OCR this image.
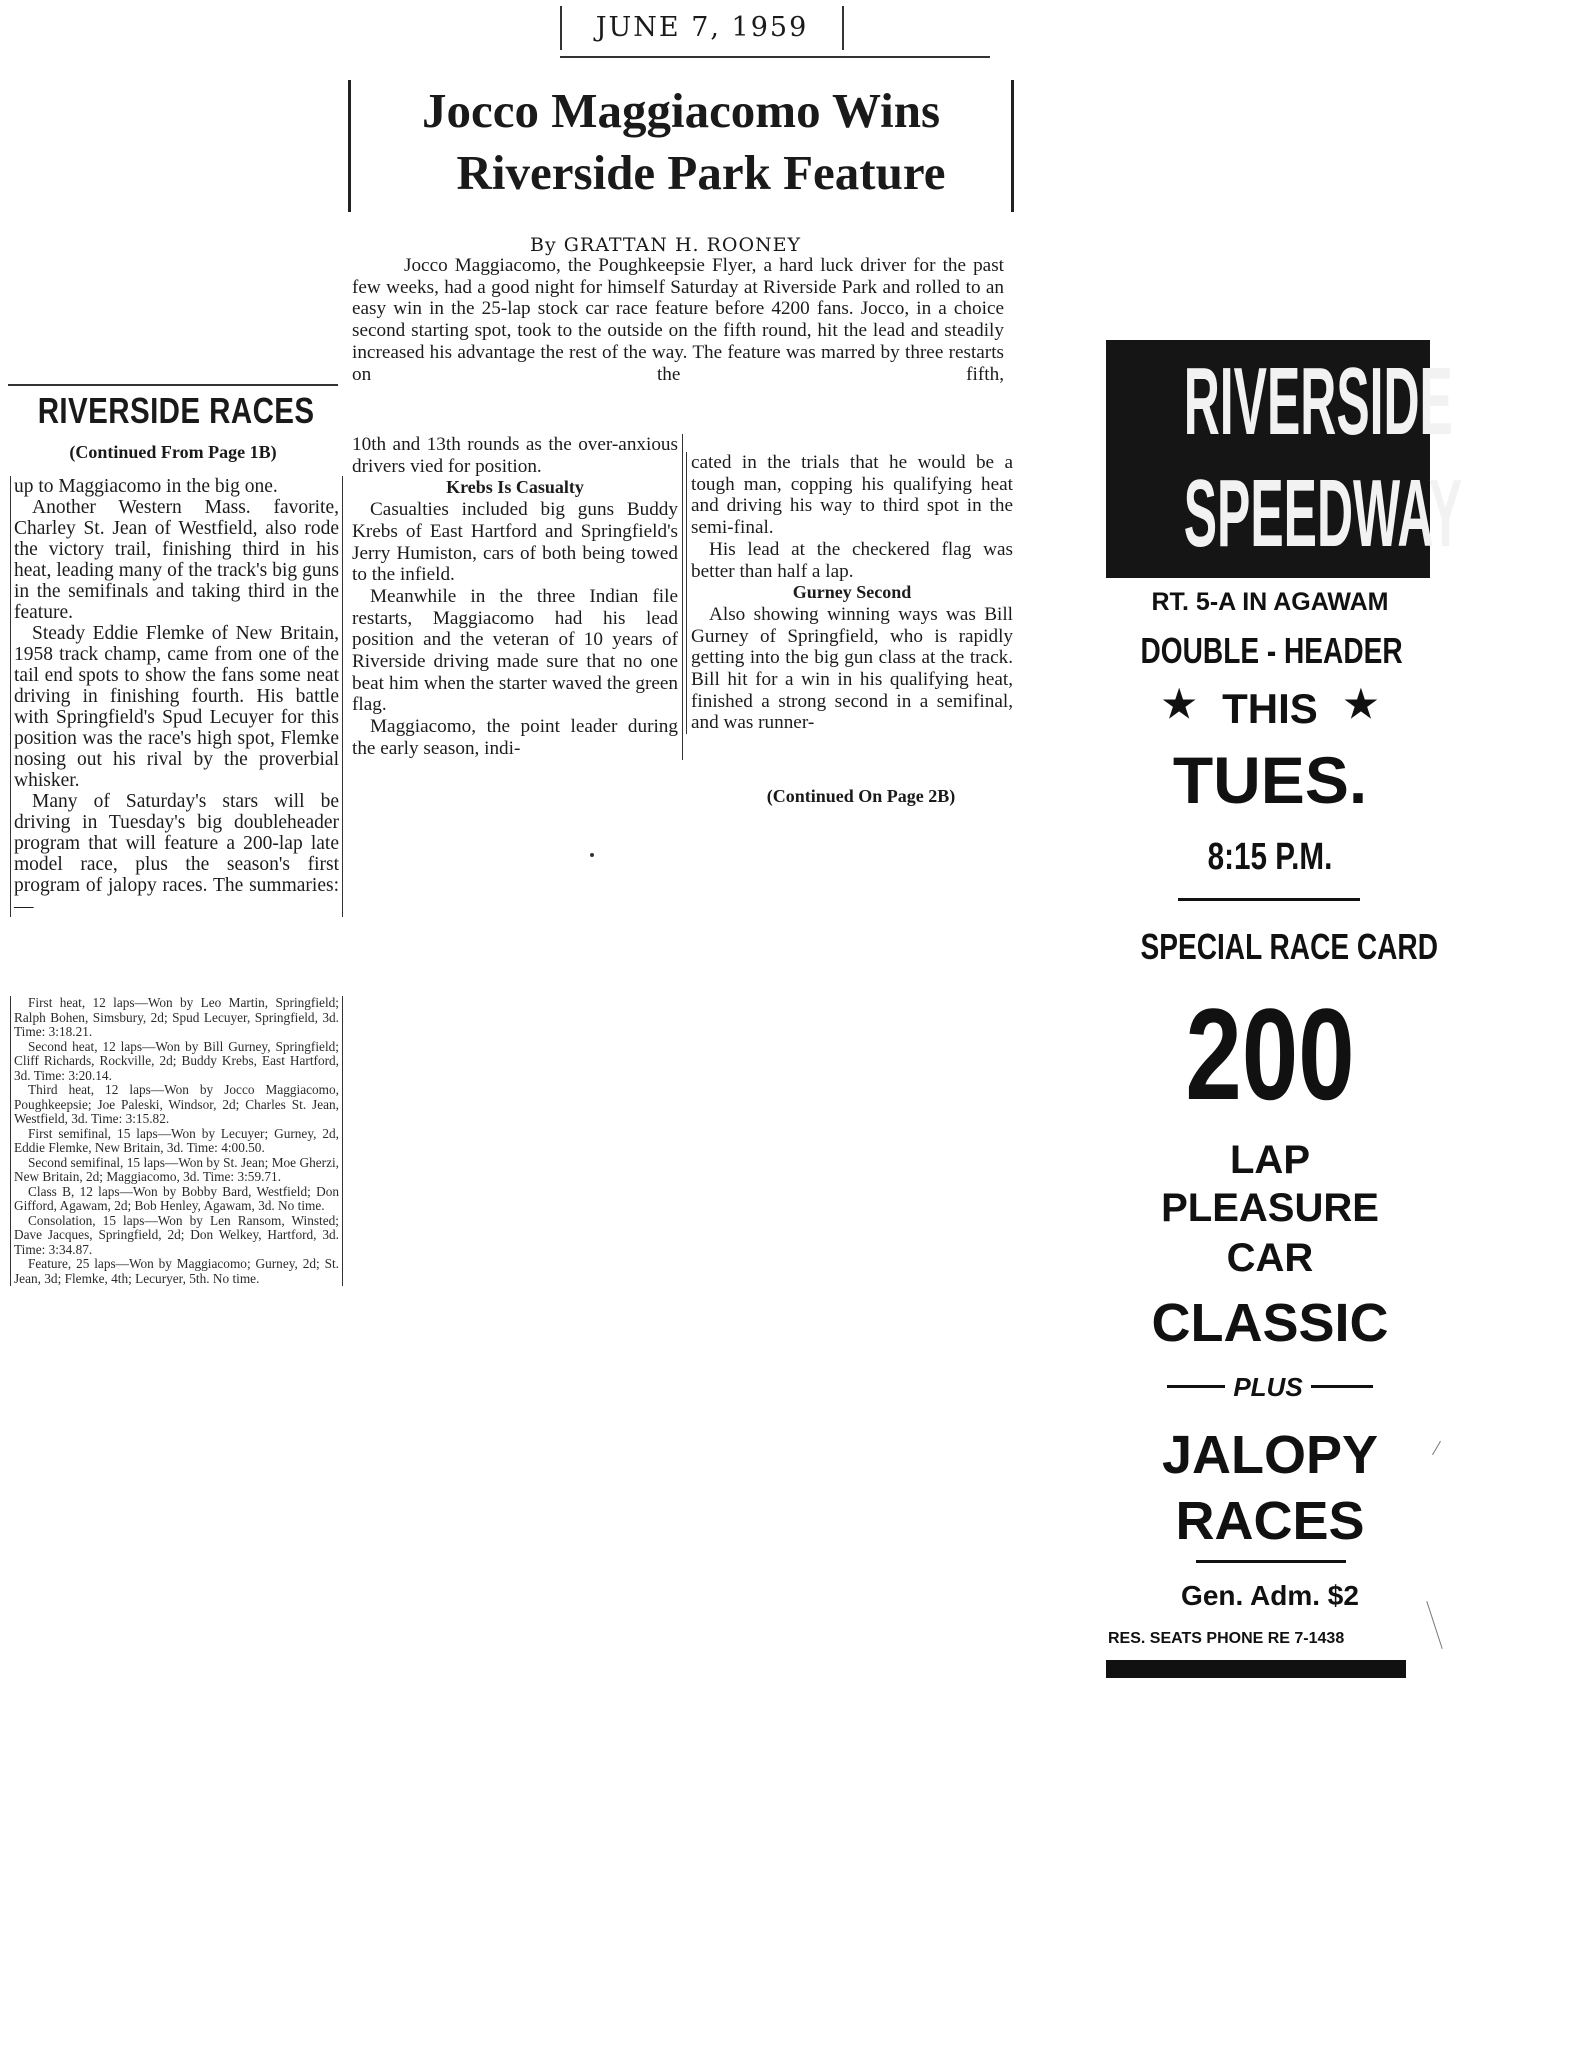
JUNE 7, 1959
Jocco Maggiacomo Wins
Riverside Park Feature
By GRATTAN H. ROONEY

Jocco Maggiacomo, the Poughkeepsie Flyer, a hard luck driver for the past few weeks, had a good night for himself Saturday at Riverside Park and rolled to an easy win in the 25-lap stock car race feature before 4200 fans. Jocco, in a choice second starting spot, took to the outside on the fifth round, hit the lead and steadily increased his advantage the rest of the way. The feature was marred by three restarts on the fifth,

10th and 13th rounds as the over-anxious drivers vied for position.

Krebs Is Casualty

Casualties included big guns Buddy Krebs of East Hartford and Springfield's Jerry Humiston, cars of both being towed to the infield.

Meanwhile in the three Indian file restarts, Maggiacomo had his lead position and the veteran of 10 years of Riverside driving made sure that no one beat him when the starter waved the green flag.

Maggiacomo, the point leader during the early season, indi-

cated in the trials that he would be a tough man, copping his qualifying heat and driving his way to third spot in the semi-final.

His lead at the checkered flag was better than half a lap.

Gurney Second

Also showing winning ways was Bill Gurney of Springfield, who is rapidly getting into the big gun class at the track. Bill hit for a win in his qualifying heat, finished a strong second in a semifinal, and was runner-

(Continued On Page 2B)
RIVERSIDE RACES
(Continued From Page 1B)

up to Maggiacomo in the big one.

Another Western Mass. favorite, Charley St. Jean of Westfield, also rode the victory trail, finishing third in his heat, leading many of the track's big guns in the semifinals and taking third in the feature.

Steady Eddie Flemke of New Britain, 1958 track champ, came from one of the tail end spots to show the fans some neat driving in finishing fourth. His battle with Springfield's Spud Lecuyer for this position was the race's high spot, Flemke nosing out his rival by the proverbial whisker.

Many of Saturday's stars will be driving in Tuesday's big doubleheader program that will feature a 200-lap late model race, plus the season's first program of jalopy races. The summaries:—

First heat, 12 laps—Won by Leo Martin, Springfield; Ralph Bohen, Simsbury, 2d; Spud Lecuyer, Springfield, 3d. Time: 3:18.21.

Second heat, 12 laps—Won by Bill Gurney, Springfield; Cliff Richards, Rockville, 2d; Buddy Krebs, East Hartford, 3d. Time: 3:20.14.

Third heat, 12 laps—Won by Jocco Maggiacomo, Poughkeepsie; Joe Paleski, Windsor, 2d; Charles St. Jean, Westfield, 3d. Time: 3:15.82.

First semifinal, 15 laps—Won by Lecuyer; Gurney, 2d, Eddie Flemke, New Britain, 3d. Time: 4:00.50.

Second semifinal, 15 laps—Won by St. Jean; Moe Gherzi, New Britain, 2d; Maggiacomo, 3d. Time: 3:59.71.

Class B, 12 laps—Won by Bobby Bard, Westfield; Don Gifford, Agawam, 2d; Bob Henley, Agawam, 3d. No time.

Consolation, 15 laps—Won by Len Ransom, Winsted; Dave Jacques, Springfield, 2d; Don Welkey, Hartford, 3d. Time: 3:34.87.

Feature, 25 laps—Won by Maggiacomo; Gurney, 2d; St. Jean, 3d; Flemke, 4th; Lecuryer, 5th. No time.

RIVERSIDE
SPEEDWAY
RT. 5-A IN AGAWAM
DOUBLE - HEADER
★ THIS ★
TUES.
8:15 P.M.
SPECIAL RACE CARD
200
LAP
PLEASURE
CAR
CLASSIC
PLUS
JALOPY
RACES
Gen. Adm. $2
RES. SEATS PHONE RE 7-1438
